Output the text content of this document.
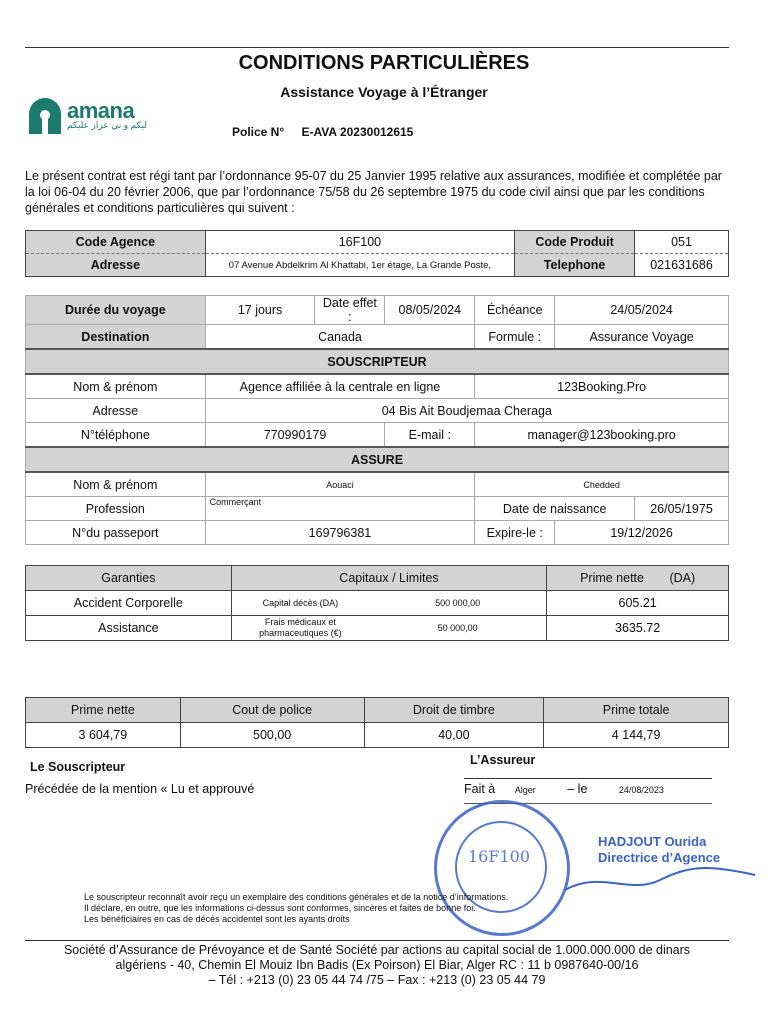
CONDITIONS PARTICULIÈRES
Assistance Voyage à l’Étranger
amana
ليكم و ني عزاز عليكم	Police N° E-AVA 20230012615
Le présent contrat est régi tant par l’ordonnance 95-07 du 25 Janvier 1995 relative aux assurances, modifiée et complétée par la loi 06-04 du 20 février 2006, que par l’ordonnance 75/58 du 26 septembre 1975 du code civil ainsi que par les conditions générales et conditions particulières qui suivent :
Code Agence	16F100	Code Produit	051
Adresse	07 Avenue Abdelkrim Al Khattabi, 1er étage, La Grande Poste,	Telephone	021631686
Durée du voyage	17 jours	Date effet :	08/05/2024	Échéance	24/05/2024	
Destination	Canada			Formule :	Assurance Voyage	
SOUSCRIPTEUR						
Nom & prénom	Agence affiliée à la centrale en ligne			123Booking.Pro		
Adresse	04 Bis Ait Boudjemaa Cheraga					
N°téléphone	770990179		E-mail :	manager@123booking.pro		
ASSURE						
Nom & prénom	Aouaci			Chedded		
Profession	Commerçant			Date de naissance		26/05/1975
N°du passeport	169796381			Expire-le :	19/12/2026	
Garanties	Capitaux / Limites		Prime nette (DA)
Accident Corporelle	Capital décès (DA)	500 000,00	605.21
Assistance	Frais médicaux et pharmaceutiques (€)	50 000,00	3635.72
Prime nette	Cout de police	Droit de timbre	Prime totale
3 604,79	500,00	40,00	4 144,79
Le Souscripteur
Précédée de la mention « Lu et approuvé
L’Assureur
Fait à Alger	– le	24/08/2023
16F100
HADJOUT Ourida
Directrice d’Agence
Le souscripteur reconnaît avoir reçu un exemplaire des conditions générales et de la notice d’informations.
Il déclare, en outre, que les informations ci-dessus sont conformes, sincères et faites de bonne foi.
Les bénéficiaires en cas de décès accidentel sont les ayants droits
Société d’Assurance de Prévoyance et de Santé Société par actions au capital social de 1.000.000.000 de dinars
algériens - 40, Chemin El Mouiz Ibn Badis (Ex Poirson) El Biar, Alger RC : 11 b 0987640-00/16
– Tél : +213 (0) 23 05 44 74 /75 – Fax : +213 (0) 23 05 44 79
